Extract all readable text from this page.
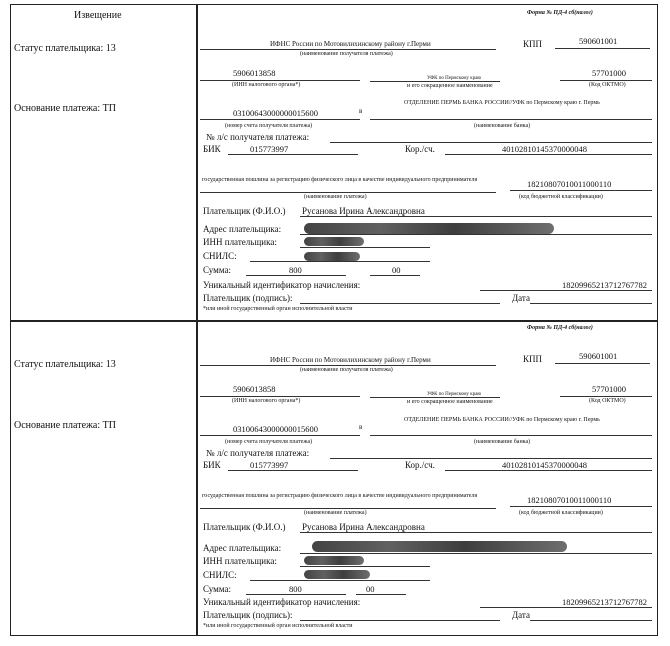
Извещение
Статус плательщика: 13
Основание платежа: ТП
Форма № ПД-4 сб(налог)
ИФНС России по Мотовилихинскому району г.Перми
(наименование получателя платежа)
КПП	590601001
5906013858
(ИНН налогового органа*)
УФК по Пермскому краю
и его сокращенное наименование
57701000
(Код ОКТМО)
03100643000000015600
(номер счета получателя платежа)
в
ОТДЕЛЕНИЕ ПЕРМЬ БАНКА РОССИИ//УФК по Пермскому краю г. Пермь
(наименование банка)
№ л/с получателя платежа:
БИК	015773997	Кор./сч.	40102810145370000048
государственная пошлина за регистрацию физического лица в качестве индивидуального предпринимателя
(наименование платежа)
18210807010011000110
(код бюджетной классификации)
Плательщик (Ф.И.О.) Русанова Ирина Александровна
Адрес плательщика:
ИНН плательщика:
СНИЛС:
Сумма:	800	00
Уникальный идентификатор начисления:	18209965213712767782
Плательщик (подпись):	Дата
*или иной государственный орган исполнительной власти
Статус плательщика: 13
Основание платежа: ТП
Форма № ПД-4 сб(налог)
ИФНС России по Мотовилихинскому району г.Перми
(наименование получателя платежа)
КПП	590601001
5906013858
(ИНН налогового органа*)
УФК по Пермскому краю
и его сокращенное наименование
57701000
(Код ОКТМО)
03100643000000015600
(номер счета получателя платежа)
в
ОТДЕЛЕНИЕ ПЕРМЬ БАНКА РОССИИ//УФК по Пермскому краю г. Пермь
(наименование банка)
№ л/с получателя платежа:
БИК	015773997	Кор./сч.	40102810145370000048
государственная пошлина за регистрацию физического лица в качестве индивидуального предпринимателя
(наименование платежа)
18210807010011000110
(код бюджетной классификации)
Плательщик (Ф.И.О.) Русанова Ирина Александровна
Адрес плательщика:
ИНН плательщика:
СНИЛС:
Сумма:	800	00
Уникальный идентификатор начисления:	18209965213712767782
Плательщик (подпись):	Дата
*или иной государственный орган исполнительной власти
